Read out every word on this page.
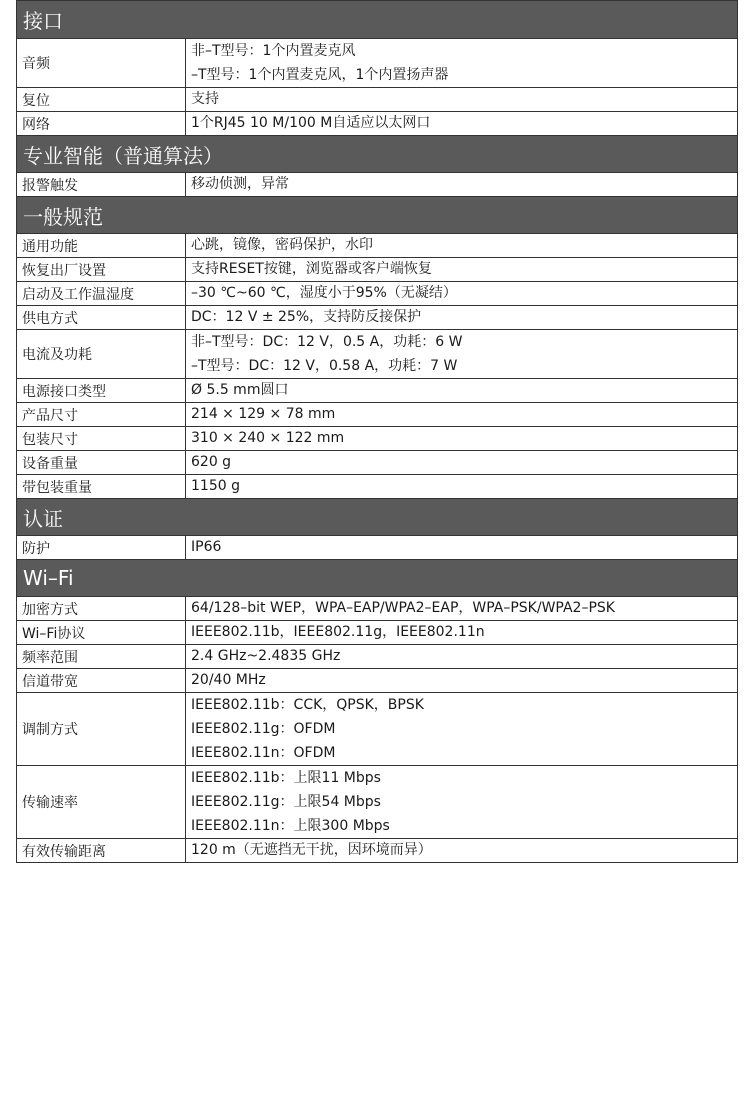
接口	
音频	非–T型号：1个内置麦克风
–T型号：1个内置麦克风，1个内置扬声器

复位	支持

网络	1个RJ45 10 M/100 M自适应以太网口

专业智能（普通算法）	
报警触发	移动侦测，异常

一般规范	
通用功能	心跳，镜像，密码保护，水印

恢复出厂设置	支持RESET按键，浏览器或客户端恢复

启动及工作温湿度	–30 ℃~60 ℃，湿度小于95%（无凝结）

供电方式	DC：12 V ± 25%，支持防反接保护

电流及功耗	非–T型号：DC：12 V，0.5 A，功耗：6 W
–T型号：DC：12 V，0.58 A，功耗：7 W

电源接口类型	Ø 5.5 mm圆口

产品尺寸	214 × 129 × 78 mm

包装尺寸	310 × 240 × 122 mm

设备重量	620 g

带包装重量	1150 g

认证	
防护	IP66

Wi–Fi	
加密方式	64/128–bit WEP，WPA–EAP/WPA2–EAP，WPA–PSK/WPA2–PSK

Wi–Fi协议	IEEE802.11b，IEEE802.11g，IEEE802.11n

频率范围	2.4 GHz~2.4835 GHz

信道带宽	20/40 MHz

调制方式	IEEE802.11b：CCK，QPSK，BPSK
IEEE802.11g：OFDM
IEEE802.11n：OFDM

传输速率	IEEE802.11b：上限11 Mbps
IEEE802.11g：上限54 Mbps
IEEE802.11n：上限300 Mbps

有效传输距离	120 m（无遮挡无干扰，因环境而异）
